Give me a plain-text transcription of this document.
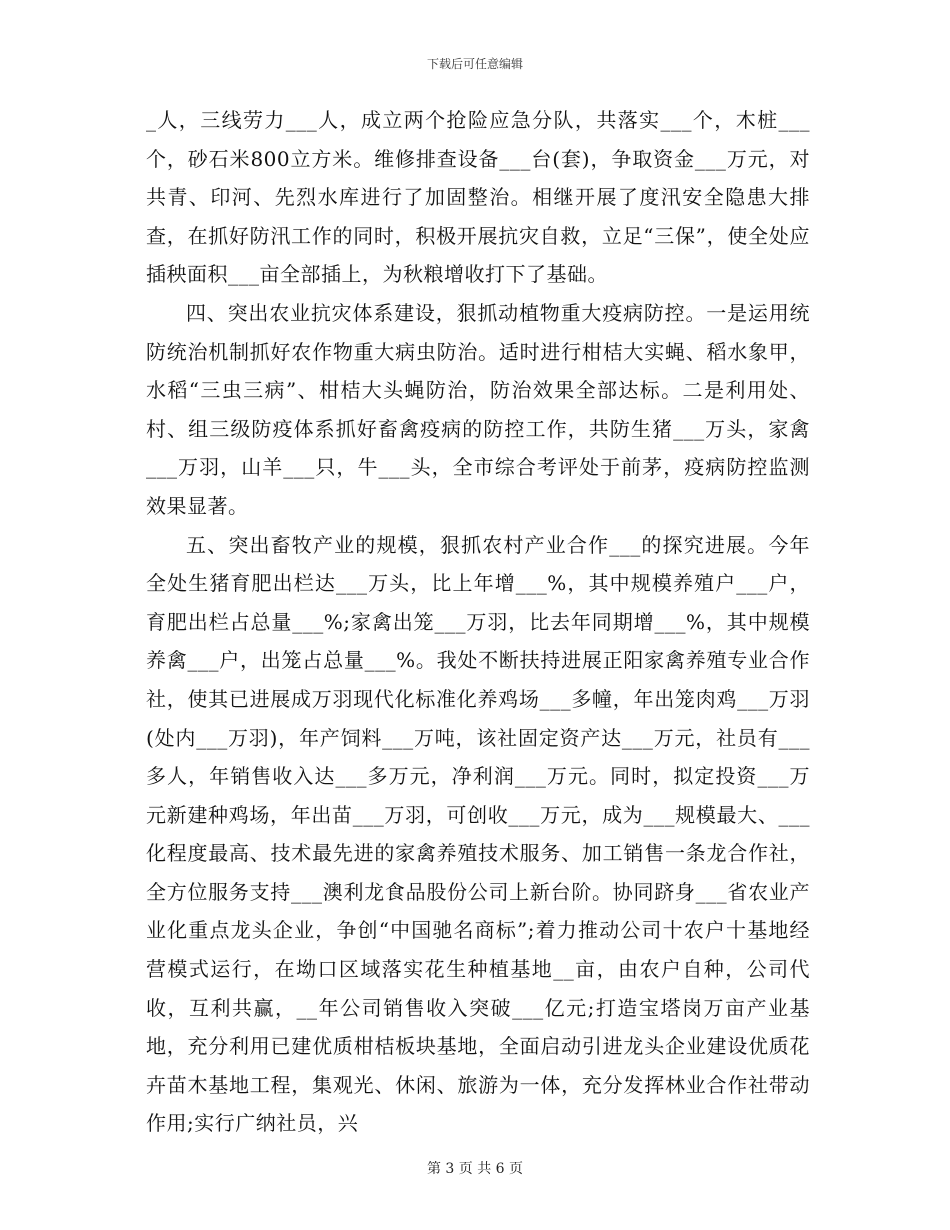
下载后可任意编辑

_人，三线劳力___人，成立两个抢险应急分队，共落实___个，木桩___个，砂石米800立方米。维修排查设备___台(套)，争取资金___万元，对共青、印河、先烈水库进行了加固整治。相继开展了度汛安全隐患大排查，在抓好防汛工作的同时，积极开展抗灾自救，立足“三保”，使全处应插秧面积___亩全部插上，为秋粮增收打下了基础。

四、突出农业抗灾体系建设，狠抓动植物重大疫病防控。一是运用统防统治机制抓好农作物重大病虫防治。适时进行柑桔大实蝇、稻水象甲，水稻“三虫三病”、柑桔大头蝇防治，防治效果全部达标。二是利用处、村、组三级防疫体系抓好畜禽疫病的防控工作，共防生猪___万头，家禽___万羽，山羊___只，牛___头，全市综合考评处于前茅，疫病防控监测效果显著。

五、突出畜牧产业的规模，狠抓农村产业合作___的探究进展。今年全处生猪育肥出栏达___万头，比上年增___%，其中规模养殖户___户，育肥出栏占总量___%;家禽出笼___万羽，比去年同期增___%，其中规模养禽___户，出笼占总量___%。我处不断扶持进展正阳家禽养殖专业合作社，使其已进展成万羽现代化标准化养鸡场___多幢，年出笼肉鸡___万羽(处内___万羽)，年产饲料___万吨，该社固定资产达___万元，社员有___多人，年销售收入达___多万元，净利润___万元。同时，拟定投资___万元新建种鸡场，年出苗___万羽，可创收___万元，成为___规模最大、___化程度最高、技术最先进的家禽养殖技术服务、加工销售一条龙合作社，全方位服务支持___澳利龙食品股份公司上新台阶。协同跻身___省农业产业化重点龙头企业，争创“中国驰名商标”;着力推动公司十农户十基地经营模式运行，在坳口区域落实花生种植基地__亩，由农户自种，公司代收，互利共赢，__年公司销售收入突破___亿元;打造宝塔岗万亩产业基地，充分利用已建优质柑桔板块基地，全面启动引进龙头企业建设优质花卉苗木基地工程，集观光、休闲、旅游为一体，充分发挥林业合作社带动作用;实行广纳社员，兴

第 3 页 共 6 页
